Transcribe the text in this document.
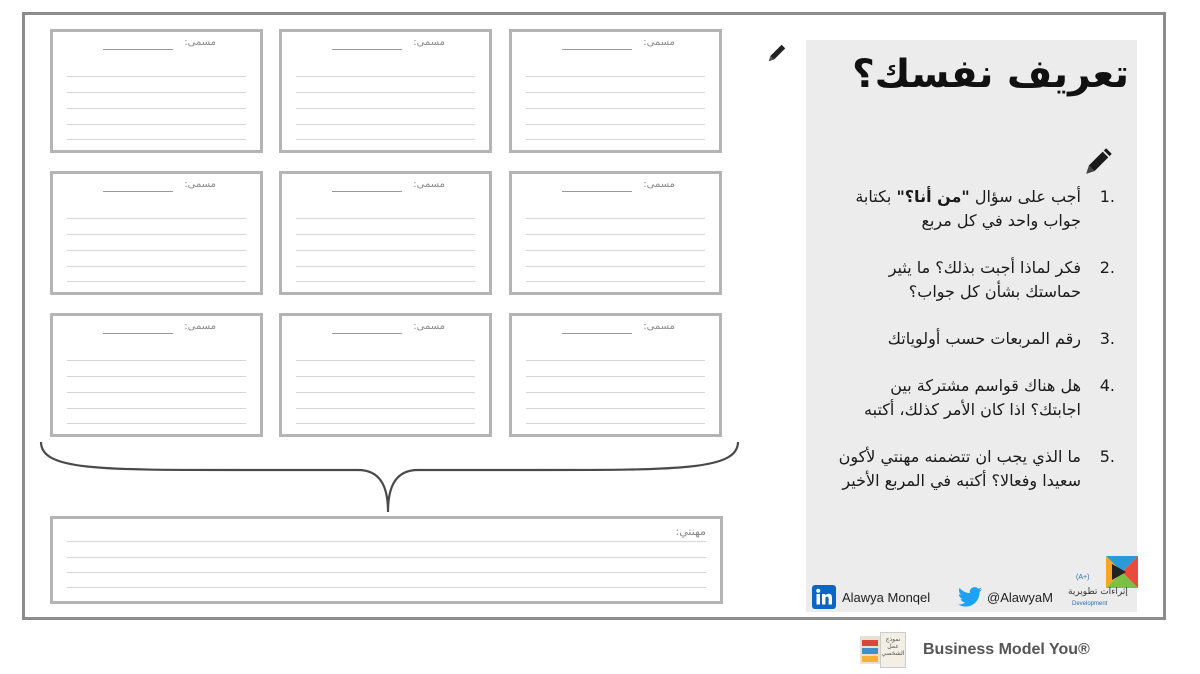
مسمى:	مسمى:	مسمى:
مسمى:	مسمى:	مسمى:
مسمى:	مسمى:	مسمى:
مهنتي:
تعريف نفسك؟
1.
أجب على سؤال "من أنا؟" بكتابة جواب واحد في كل مربع
2.
فكر لماذا أجبت بذلك؟ ما يثير حماستك بشأن كل جواب؟
3.
رقم المربعات حسب أولوياتك
4.
هل هناك قواسم مشتركة بين اجابتك؟ اذا كان الأمر كذلك، أكتبه
5.
ما الذي يجب ان تتضمنه مهنتي لأكون سعيدا وفعالا؟ أكتبه في المربع الأخير
Alawya Monqel	@AlawyaM
(A+)
إثراءات تطويرية
Development
نموذج عمل الشخصي Business Model You®
